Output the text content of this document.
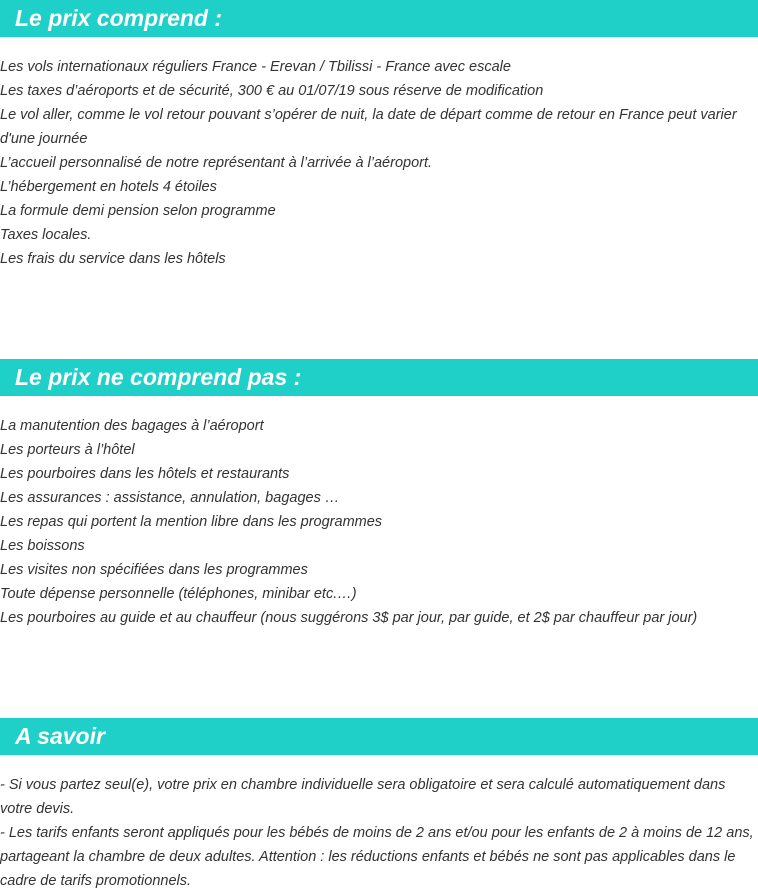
Le prix comprend :

Les vols internationaux réguliers France - Erevan / Tbilissi - France avec escale

Les taxes d’aéroports et de sécurité, 300 € au 01/07/19 sous réserve de modification

Le vol aller, comme le vol retour pouvant s’opérer de nuit, la date de départ comme de retour en France peut varier d'une journée

L’accueil personnalisé de notre représentant à l’arrivée à l’aéroport.

L’hébergement en hotels 4 étoiles

La formule demi pension selon programme

Taxes locales.

Les frais du service dans les hôtels

Le prix ne comprend pas :

La manutention des bagages à l’aéroport

Les porteurs à l’hôtel

Les pourboires dans les hôtels et restaurants

Les assurances : assistance, annulation, bagages …

Les repas qui portent la mention libre dans les programmes

Les boissons

Les visites non spécifiées dans les programmes

Toute dépense personnelle (téléphones, minibar etc.…)

Les pourboires au guide et au chauffeur (nous suggérons 3$ par jour, par guide, et 2$ par chauffeur par jour)

A savoir

- Si vous partez seul(e), votre prix en chambre individuelle sera obligatoire et sera calculé automatiquement dans votre devis.

- Les tarifs enfants seront appliqués pour les bébés de moins de 2 ans et/ou pour les enfants de 2 à moins de 12 ans, partageant la chambre de deux adultes. Attention : les réductions enfants et bébés ne sont pas applicables dans le cadre de tarifs promotionnels.
